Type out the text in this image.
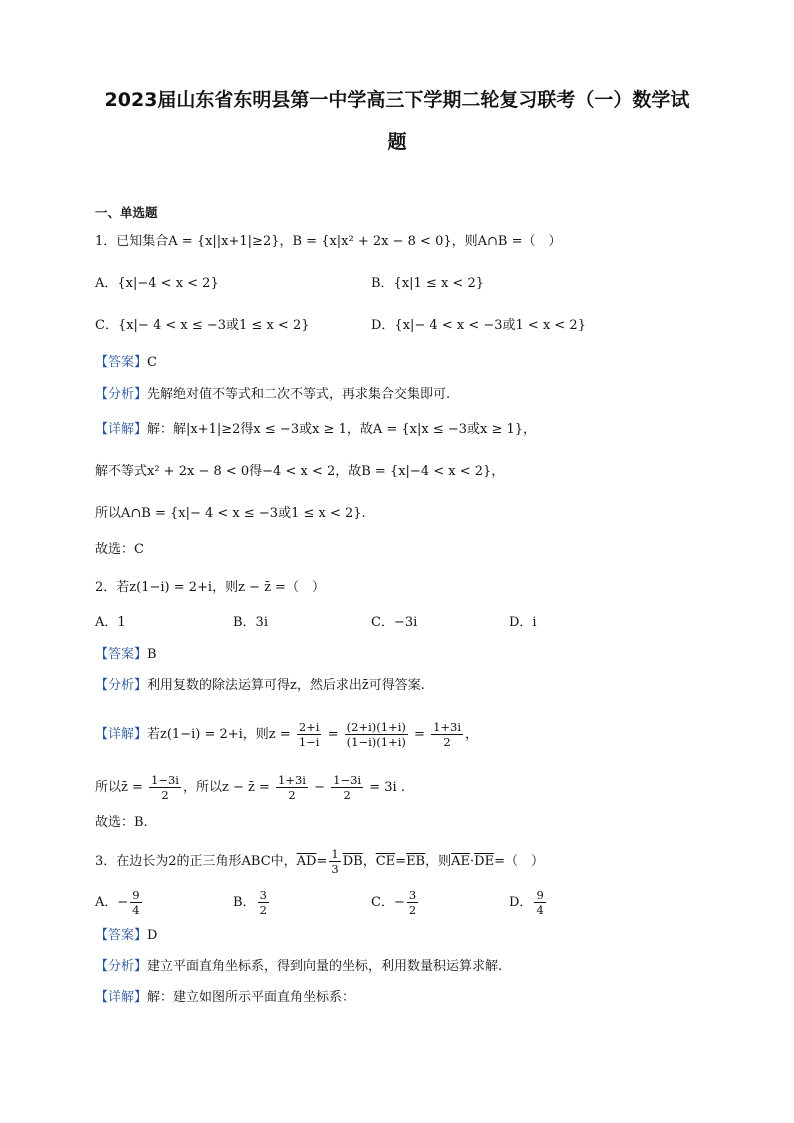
2023届山东省东明县第一中学高三下学期二轮复习联考（一）数学试
题
一、单选题
1．已知集合A = {x||x+1|≥2}，B = {x|x² + 2x − 8 < 0}，则A∩B =（　）
A．{x|−4 < x < 2}	B．{x|1 ≤ x < 2}
C．{x|− 4 < x ≤ −3或1 ≤ x < 2}	D．{x|− 4 < x < −3或1 < x < 2}
【答案】C
【分析】先解绝对值不等式和二次不等式，再求集合交集即可.
【详解】解：解|x+1|≥2得x ≤ −3或x ≥ 1，故A = {x|x ≤ −3或x ≥ 1}，
解不等式x² + 2x − 8 < 0得−4 < x < 2，故B = {x|−4 < x < 2}，
所以A∩B = {x|− 4 < x ≤ −3或1 ≤ x < 2}.
故选：C
2．若z(1−i) = 2+i，则z − z̄ =（　）
A．1	B．3i	C．−3i	D．i
【答案】B
【分析】利用复数的除法运算可得z，然后求出z̄可得答案.
【详解】若z(1−i) = 2+i，则$z = \frac{2+i}{1-i} = \frac{(2+i)(1+i)}{(1-i)(1+i)} = \frac{1+3i}{2}$ ，
所以z̄ = $\frac{1-3i}{2}$ ，所以z − z̄ = $\frac{1+3i}{2} - \frac{1-3i}{2} = 3i$ .
故选：B.
3．在边长为2的正三角形ABC中，$\overline{AD}= \frac{1}{3} \overline{DB}$，$\overline{CE}=\overline{EB}$，则$\overline{AE}\cdot\overline{DE}=$（　）
A．− $\frac{9}{4}$	B． $\frac{3}{2}$	C．− $\frac{3}{2}$	D． $\frac{9}{4}$
【答案】D
【分析】建立平面直角坐标系，得到向量的坐标，利用数量积运算求解.
【详解】解：建立如图所示平面直角坐标系：
